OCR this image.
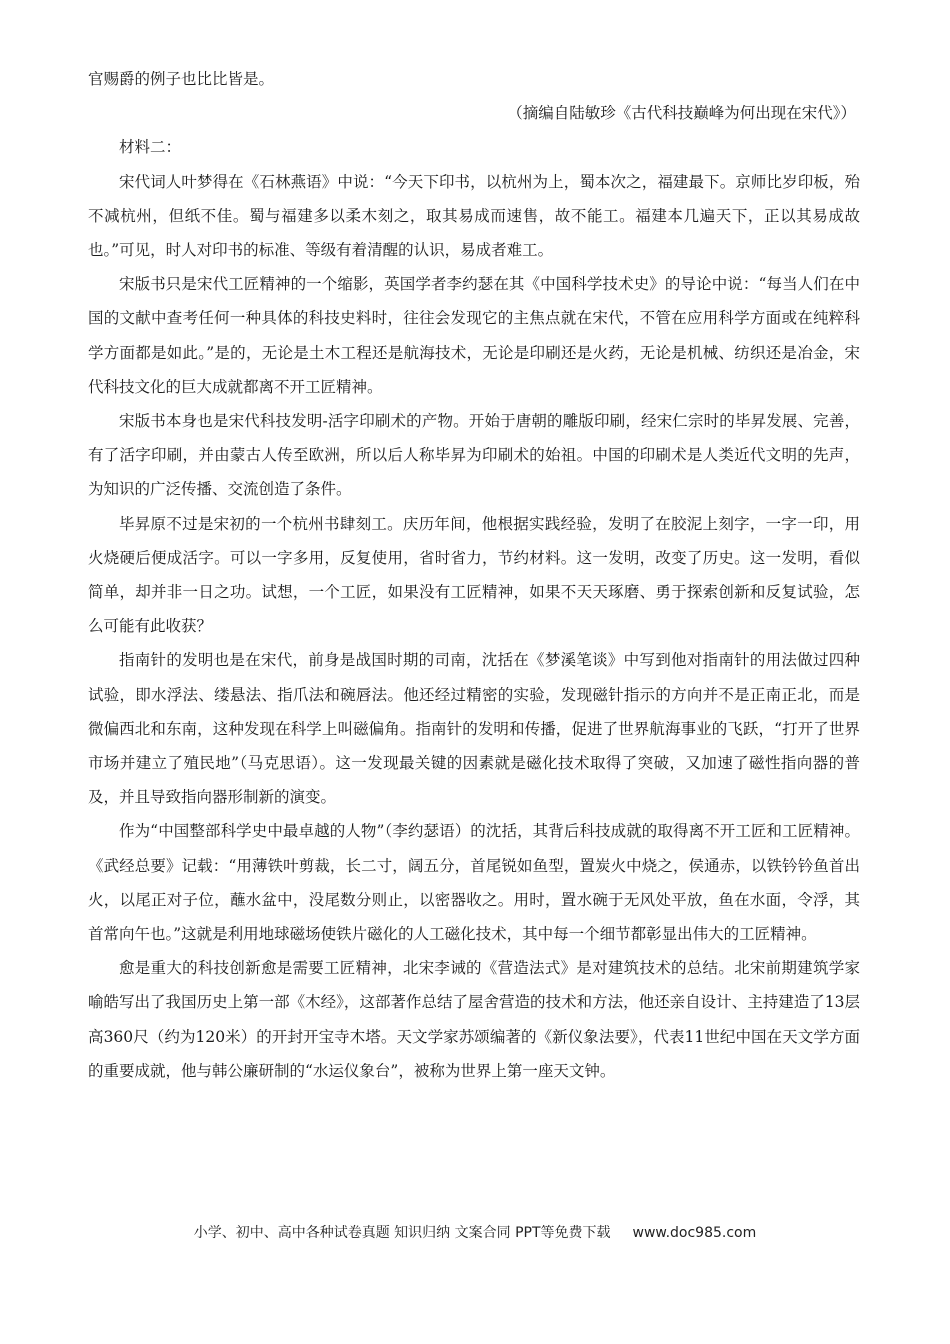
官赐爵的例子也比比皆是。

（摘编自陆敏珍《古代科技巅峰为何出现在宋代》）

材料二：

宋代词人叶梦得在《石林燕语》中说：“今天下印书，以杭州为上，蜀本次之，福建最下。京师比岁印板，殆不减杭州，但纸不佳。蜀与福建多以柔木刻之，取其易成而速售，故不能工。福建本几遍天下，正以其易成故也。”可见，时人对印书的标准、等级有着清醒的认识，易成者难工。

宋版书只是宋代工匠精神的一个缩影，英国学者李约瑟在其《中国科学技术史》的导论中说：“每当人们在中国的文献中查考任何一种具体的科技史料时，往往会发现它的主焦点就在宋代，不管在应用科学方面或在纯粹科学方面都是如此。”是的，无论是土木工程还是航海技术，无论是印刷还是火药，无论是机械、纺织还是冶金，宋代科技文化的巨大成就都离不开工匠精神。

宋版书本身也是宋代科技发明-活字印刷术的产物。开始于唐朝的雕版印刷，经宋仁宗时的毕昇发展、完善，有了活字印刷，并由蒙古人传至欧洲，所以后人称毕昇为印刷术的始祖。中国的印刷术是人类近代文明的先声，为知识的广泛传播、交流创造了条件。

毕昇原不过是宋初的一个杭州书肆刻工。庆历年间，他根据实践经验，发明了在胶泥上刻字，一字一印，用火烧硬后便成活字。可以一字多用，反复使用，省时省力，节约材料。这一发明，改变了历史。这一发明，看似简单，却并非一日之功。试想，一个工匠，如果没有工匠精神，如果不天天琢磨、勇于探索创新和反复试验，怎么可能有此收获？

指南针的发明也是在宋代，前身是战国时期的司南，沈括在《梦溪笔谈》中写到他对指南针的用法做过四种试验，即水浮法、缕悬法、指爪法和碗唇法。他还经过精密的实验，发现磁针指示的方向并不是正南正北，而是微偏西北和东南，这种发现在科学上叫磁偏角。指南针的发明和传播，促进了世界航海事业的飞跃，“打开了世界市场并建立了殖民地”（马克思语）。这一发现最关键的因素就是磁化技术取得了突破，又加速了磁性指向器的普及，并且导致指向器形制新的演变。

作为“中国整部科学史中最卓越的人物”（李约瑟语）的沈括，其背后科技成就的取得离不开工匠和工匠精神。《武经总要》记载：“用薄铁叶剪裁，长二寸，阔五分，首尾锐如鱼型，置炭火中烧之，侯通赤，以铁钤钤鱼首出火，以尾正对子位，蘸水盆中，没尾数分则止，以密器收之。用时，置水碗于无风处平放，鱼在水面，令浮，其首常向午也。”这就是利用地球磁场使铁片磁化的人工磁化技术，其中每一个细节都彰显出伟大的工匠精神。

愈是重大的科技创新愈是需要工匠精神，北宋李诫的《营造法式》是对建筑技术的总结。北宋前期建筑学家喻皓写出了我国历史上第一部《木经》，这部著作总结了屋舍营造的技术和方法，他还亲自设计、主持建造了13层高360尺（约为120米）的开封开宝寺木塔。天文学家苏颂编著的《新仪象法要》，代表11世纪中国在天文学方面的重要成就，他与韩公廉研制的“水运仪象台”，被称为世界上第一座天文钟。

小学、初中、高中各种试卷真题 知识归纳 文案合同 PPT等免费下载 www.doc985.com
